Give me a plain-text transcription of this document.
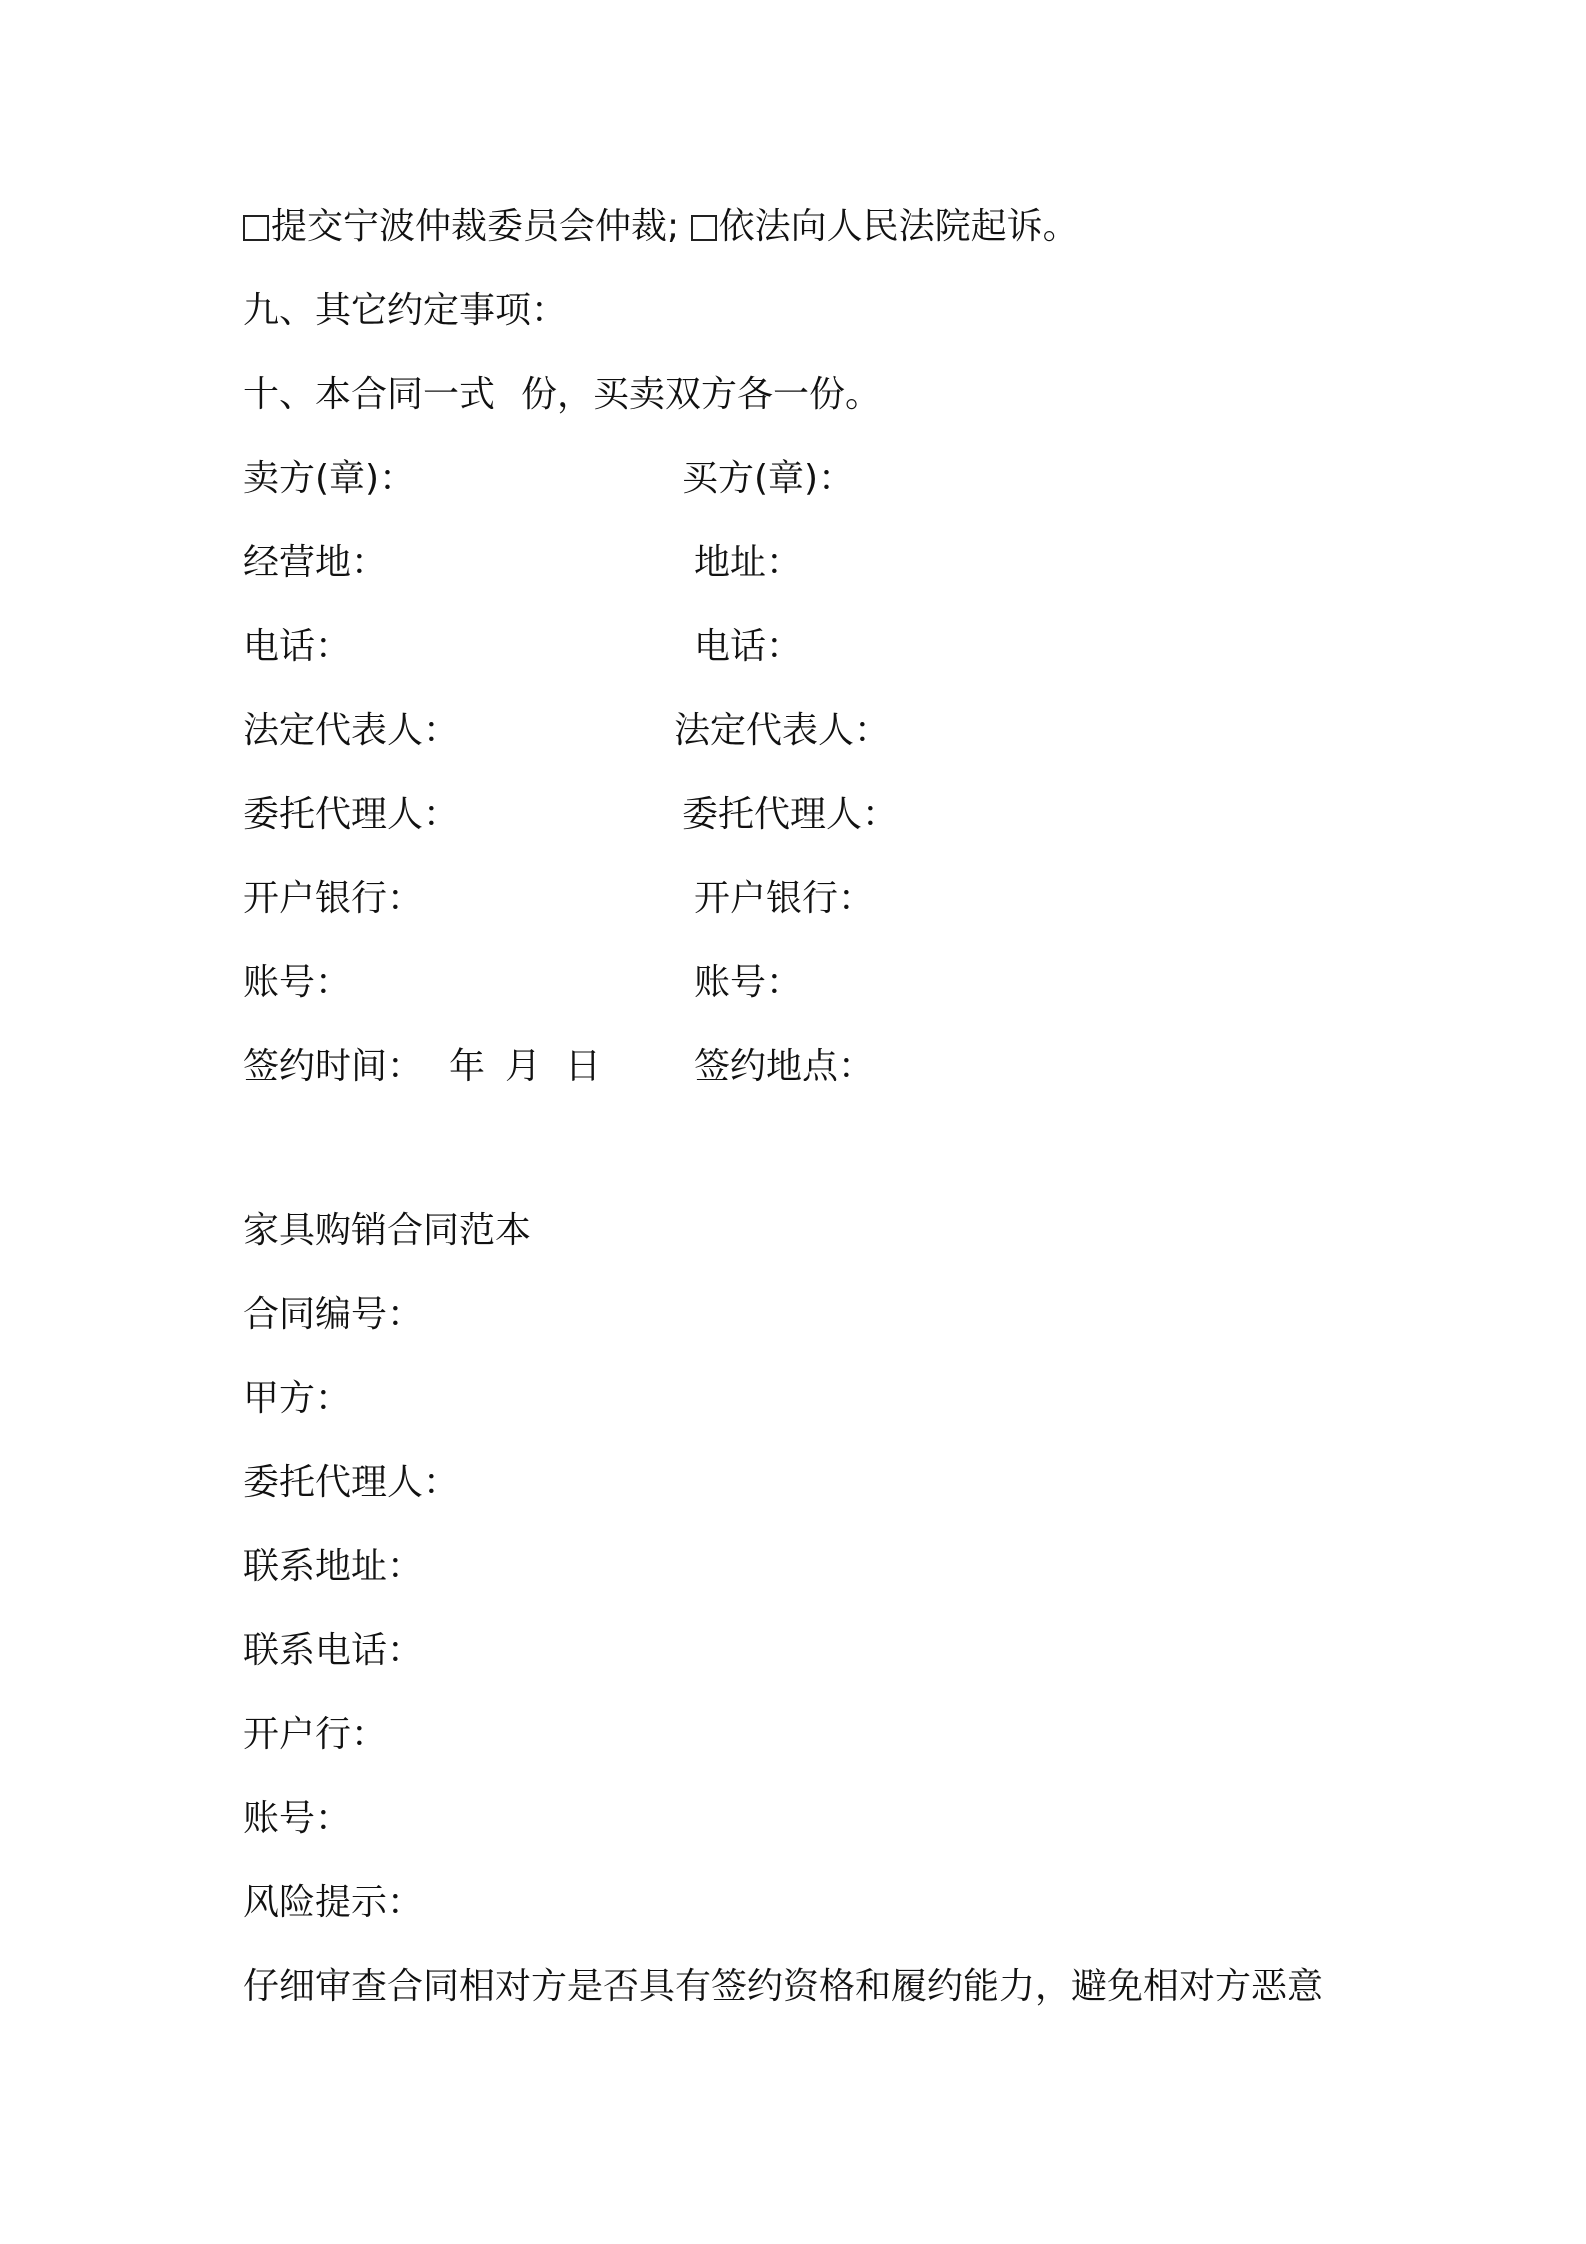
提交宁波仲裁委员会仲裁; 依法向人民法院起诉。
九、其它约定事项：
十、本合同一式 份，买卖双方各一份。
卖方(章)：
经营地：
电话：
法定代表人：
委托代理人：
开户银行：
账号：
签约时间： 年 月 日
买方(章)：
地址：
电话：
法定代表人：
委托代理人：
开户银行：
账号：
签约地点：
家具购销合同范本
合同编号：
甲方：
委托代理人：
联系地址：
联系电话：
开户行：
账号：
风险提示：
仔细审查合同相对方是否具有签约资格和履约能力，避免相对方恶意
